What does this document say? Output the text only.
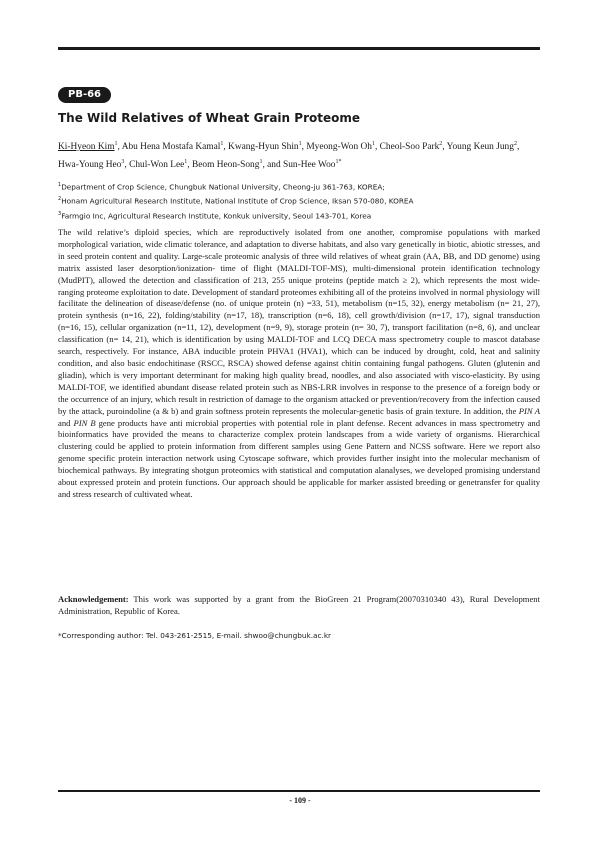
PB-66
The Wild Relatives of Wheat Grain Proteome

Ki-Hyeon Kim$^1$, Abu Hena Mostafa Kamal$^1$, Kwang-Hyun Shin$^1$, Myeong-Won Oh$^1$, Cheol-Soo Park$^2$, Young Keun Jung$^2$, Hwa-Young Heo$^3$, Chul-Won Lee$^1$, Beom Heon-Song$^1$, and Sun-Hee Woo$^{1*}$

$^1$Department of Crop Science, Chungbuk National University, Cheong-ju 361-763, KOREA;
$^2$Honam Agricultural Research Institute, National Institute of Crop Science, Iksan 570-080, KOREA
$^3$Farmgio Inc, Agricultural Research Institute, Konkuk university, Seoul 143-701, Korea

The wild relative’s diploid species, which are reproductively isolated from one another, compromise populations with marked morphological variation, wide climatic tolerance, and adaptation to diverse habitats, and also vary genetically in biotic, abiotic stresses, and in seed protein content and quality. Large-scale proteomic analysis of three wild relatives of wheat grain (AA, BB, and DD genome) using matrix assisted laser desorption/ionization- time of flight (MALDI-TOF-MS), multi-dimensional protein identification technology (MudPIT), allowed the detection and classification of 213, 255 unique proteins (peptide match ≥ 2), which represents the most wide-ranging proteome exploitation to date. Development of standard proteomes exhibiting all of the proteins involved in normal physiology will facilitate the delineation of disease/defense (no. of unique protein (n) =33, 51), metabolism (n=15, 32), energy metabolism (n= 21, 27), protein synthesis (n=16, 22), folding/stability (n=17, 18), transcription (n=6, 18), cell growth/division (n=17, 17), signal transduction (n=16, 15), cellular organization (n=11, 12), development (n=9, 9), storage protein (n= 30, 7), transport facilitation (n=8, 6), and unclear classification (n= 14, 21), which is identification by using MALDI-TOF and LCQ DECA mass spectrometry couple to mascot database search, respectively. For instance, ABA inducible protein PHVA1 (HVA1), which can be induced by drought, cold, heat and salinity condition, and also basic endochitinase (RSCC, RSCA) showed defense against chitin containing fungal pathogens. Gluten (glutenin and gliadin), which is very important determinant for making high quality bread, noodles, and also associated with visco-elasticity. By using MALDI-TOF, we identified abundant disease related protein such as NBS-LRR involves in response to the presence of a foreign body or the occurrence of an injury, which result in restriction of damage to the organism attacked or prevention/recovery from the infection caused by the attack, puroindoline (a & b) and grain softness protein represents the molecular-genetic basis of grain texture. In addition, the PIN A and PIN B gene products have anti microbial properties with potential role in plant defense. Recent advances in mass spectrometry and bioinformatics have provided the means to characterize complex protein landscapes from a wide variety of organisms. Hierarchical clustering could be applied to protein information from different samples using Gene Pattern and NCSS software. Here we report also genome specific protein interaction network using Cytoscape software, which provides further insight into the molecular mechanism of biochemical pathways. By integrating shotgun proteomics with statistical and computation alanalyses, we developed promising understand about expressed protein and protein functions. Our approach should be applicable for marker assisted breeding or genetransfer for quality and stress research of cultivated wheat.

Acknowledgement: This work was supported by a grant from the BioGreen 21 Program(20070310340 43), Rural Development Administration, Republic of Korea.

*Corresponding author: Tel. 043-261-2515, E-mail. shwoo@chungbuk.ac.kr

- 109 -
